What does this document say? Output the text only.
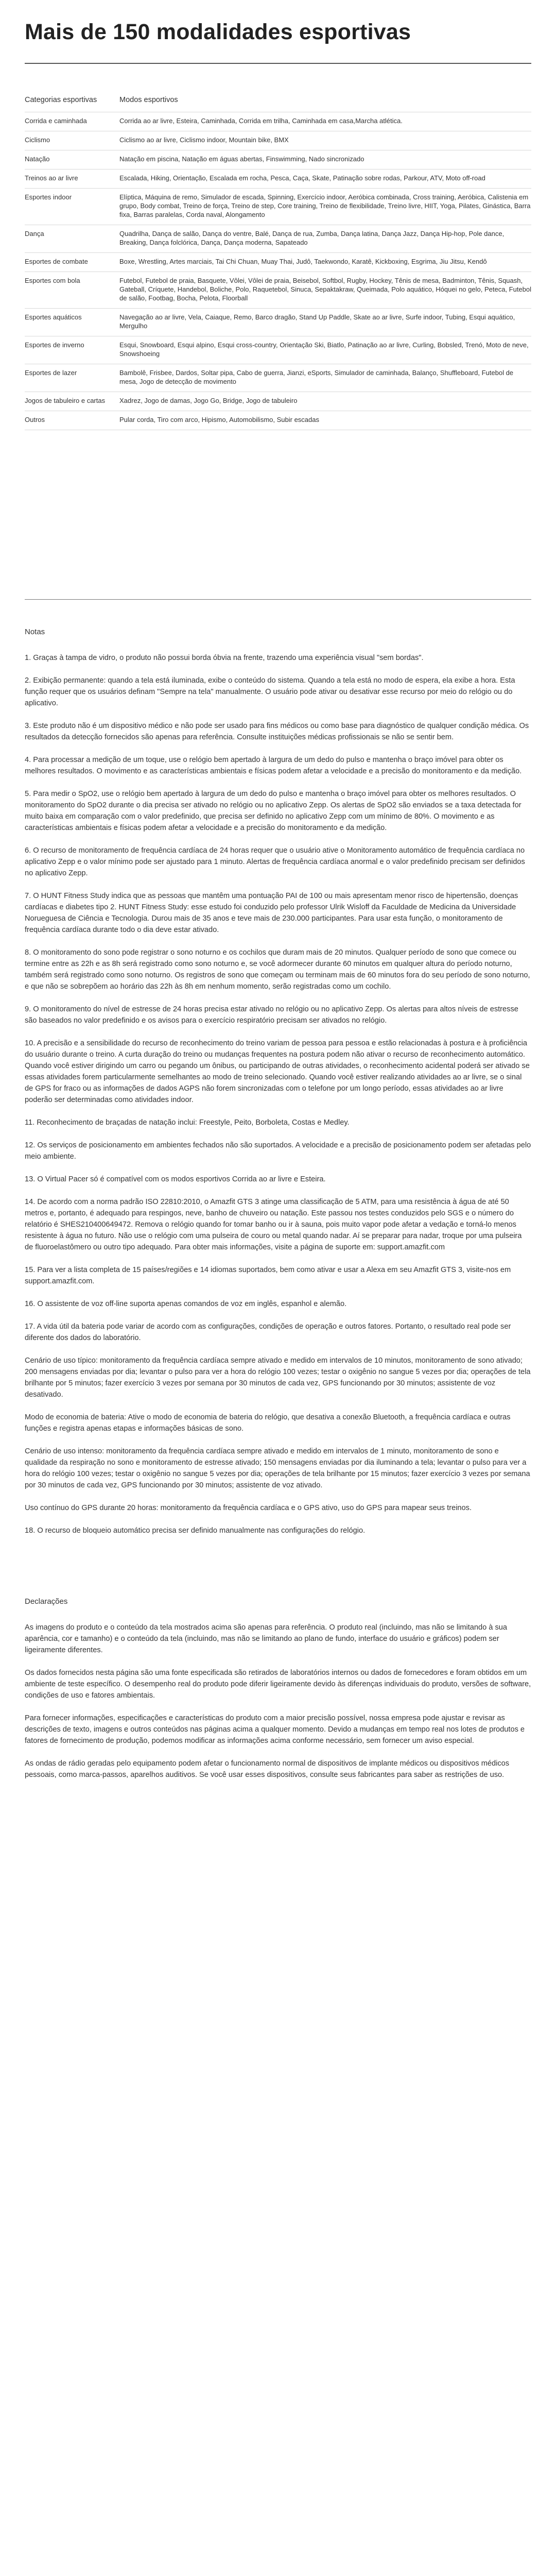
Mais de 150 modalidades esportivas
Categorias esportivas	Modos esportivos
Corrida e caminhada	Corrida ao ar livre, Esteira, Caminhada, Corrida em trilha, Caminhada em casa,Marcha atlética.
Ciclismo	Ciclismo ao ar livre, Ciclismo indoor, Mountain bike, BMX
Natação	Natação em piscina, Natação em águas abertas, Finswimming, Nado sincronizado
Treinos ao ar livre	Escalada, Hiking, Orientação, Escalada em rocha, Pesca, Caça, Skate, Patinação sobre rodas, Parkour, ATV, Moto off-road
Esportes indoor	Elíptica, Máquina de remo, Simulador de escada, Spinning, Exercício indoor, Aeróbica combinada, Cross training, Aeróbica, Calistenia em grupo, Body combat, Treino de força, Treino de step, Core training, Treino de flexibilidade, Treino livre, HIIT, Yoga, Pilates, Ginástica, Barra fixa, Barras paralelas, Corda naval, Alongamento
Dança	Quadrilha, Dança de salão, Dança do ventre, Balé, Dança de rua, Zumba, Dança latina, Dança Jazz, Dança Hip-hop, Pole dance, Breaking, Dança folclórica, Dança, Dança moderna, Sapateado
Esportes de combate	Boxe, Wrestling, Artes marciais, Tai Chi Chuan, Muay Thai, Judô, Taekwondo, Karatê, Kickboxing, Esgrima, Jiu Jitsu, Kendô
Esportes com bola	Futebol, Futebol de praia, Basquete, Vôlei, Vôlei de praia, Beisebol, Softbol, Rugby, Hockey, Tênis de mesa, Badminton, Tênis, Squash, Gateball, Críquete, Handebol, Boliche, Polo, Raquetebol, Sinuca, Sepaktakraw, Queimada, Polo aquático, Hóquei no gelo, Peteca, Futebol de salão, Footbag, Bocha, Pelota, Floorball
Esportes aquáticos	Navegação ao ar livre, Vela, Caiaque, Remo, Barco dragão, Stand Up Paddle, Skate ao ar livre, Surfe indoor, Tubing, Esqui aquático, Mergulho
Esportes de inverno	Esqui, Snowboard, Esqui alpino, Esqui cross-country, Orientação Ski, Biatlo, Patinação ao ar livre, Curling, Bobsled, Trenó, Moto de neve, Snowshoeing
Esportes de lazer	Bambolê, Frisbee, Dardos, Soltar pipa, Cabo de guerra, Jianzi, eSports, Simulador de caminhada, Balanço, Shuffleboard, Futebol de mesa, Jogo de detecção de movimento
Jogos de tabuleiro e cartas	Xadrez, Jogo de damas, Jogo Go, Bridge, Jogo de tabuleiro
Outros	Pular corda, Tiro com arco, Hipismo, Automobilismo, Subir escadas
Notas

1. Graças à tampa de vidro, o produto não possui borda óbvia na frente, trazendo uma experiência visual "sem bordas".

2. Exibição permanente: quando a tela está iluminada, exibe o conteúdo do sistema. Quando a tela está no modo de espera, ela exibe a hora. Esta função requer que os usuários definam "Sempre na tela" manualmente. O usuário pode ativar ou desativar esse recurso por meio do relógio ou do aplicativo.

3. Este produto não é um dispositivo médico e não pode ser usado para fins médicos ou como base para diagnóstico de qualquer condição médica. Os resultados da detecção fornecidos são apenas para referência. Consulte instituições médicas profissionais se não se sentir bem.

4. Para processar a medição de um toque, use o relógio bem apertado à largura de um dedo do pulso e mantenha o braço imóvel para obter os melhores resultados. O movimento e as características ambientais e físicas podem afetar a velocidade e a precisão do monitoramento e da medição.

5. Para medir o SpO2, use o relógio bem apertado à largura de um dedo do pulso e mantenha o braço imóvel para obter os melhores resultados. O monitoramento do SpO2 durante o dia precisa ser ativado no relógio ou no aplicativo Zepp. Os alertas de SpO2 são enviados se a taxa detectada for muito baixa em comparação com o valor predefinido, que precisa ser definido no aplicativo Zepp com um mínimo de 80%. O movimento e as características ambientais e físicas podem afetar a velocidade e a precisão do monitoramento e da medição.

6. O recurso de monitoramento de frequência cardíaca de 24 horas requer que o usuário ative o Monitoramento automático de frequência cardíaca no aplicativo Zepp e o valor mínimo pode ser ajustado para 1 minuto. Alertas de frequência cardíaca anormal e o valor predefinido precisam ser definidos no aplicativo Zepp.

7. O HUNT Fitness Study indica que as pessoas que mantêm uma pontuação PAI de 100 ou mais apresentam menor risco de hipertensão, doenças cardíacas e diabetes tipo 2. HUNT Fitness Study: esse estudo foi conduzido pelo professor Ulrik Wisloff da Faculdade de Medicina da Universidade Norueguesa de Ciência e Tecnologia. Durou mais de 35 anos e teve mais de 230.000 participantes. Para usar esta função, o monitoramento de frequência cardíaca durante todo o dia deve estar ativado.

8. O monitoramento do sono pode registrar o sono noturno e os cochilos que duram mais de 20 minutos. Qualquer período de sono que comece ou termine entre as 22h e as 8h será registrado como sono noturno e, se você adormecer durante 60 minutos em qualquer altura do período noturno, também será registrado como sono noturno. Os registros de sono que começam ou terminam mais de 60 minutos fora do seu período de sono noturno, e que não se sobrepõem ao horário das 22h às 8h em nenhum momento, serão registradas como um cochilo.

9. O monitoramento do nível de estresse de 24 horas precisa estar ativado no relógio ou no aplicativo Zepp. Os alertas para altos níveis de estresse são baseados no valor predefinido e os avisos para o exercício respiratório precisam ser ativados no relógio.

10. A precisão e a sensibilidade do recurso de reconhecimento do treino variam de pessoa para pessoa e estão relacionadas à postura e à proficiência do usuário durante o treino. A curta duração do treino ou mudanças frequentes na postura podem não ativar o recurso de reconhecimento automático. Quando você estiver dirigindo um carro ou pegando um ônibus, ou participando de outras atividades, o reconhecimento acidental poderá ser ativado se essas atividades forem particularmente semelhantes ao modo de treino selecionado. Quando você estiver realizando atividades ao ar livre, se o sinal de GPS for fraco ou as informações de dados AGPS não forem sincronizadas com o telefone por um longo período, essas atividades ao ar livre poderão ser determinadas como atividades indoor.

11. Reconhecimento de braçadas de natação inclui: Freestyle, Peito, Borboleta, Costas e Medley.

12. Os serviços de posicionamento em ambientes fechados não são suportados. A velocidade e a precisão de posicionamento podem ser afetadas pelo meio ambiente.

13. O Virtual Pacer só é compatível com os modos esportivos Corrida ao ar livre e Esteira.

14. De acordo com a norma padrão ISO 22810:2010, o Amazfit GTS 3 atinge uma classificação de 5 ATM, para uma resistência à água de até 50 metros e, portanto, é adequado para respingos, neve, banho de chuveiro ou natação. Este passou nos testes conduzidos pelo SGS e o número do relatório é SHES210400649472. Remova o relógio quando for tomar banho ou ir à sauna, pois muito vapor pode afetar a vedação e torná-lo menos resistente à água no futuro. Não use o relógio com uma pulseira de couro ou metal quando nadar. Aí se preparar para nadar, troque por uma pulseira de fluoroelastômero ou outro tipo adequado. Para obter mais informações, visite a página de suporte em: support.amazfit.com

15. Para ver a lista completa de 15 países/regiões e 14 idiomas suportados, bem como ativar e usar a Alexa em seu Amazfit GTS 3, visite-nos em support.amazfit.com.

16. O assistente de voz off-line suporta apenas comandos de voz em inglês, espanhol e alemão.

17. A vida útil da bateria pode variar de acordo com as configurações, condições de operação e outros fatores. Portanto, o resultado real pode ser diferente dos dados do laboratório.

Cenário de uso típico: monitoramento da frequência cardíaca sempre ativado e medido em intervalos de 10 minutos, monitoramento de sono ativado; 200 mensagens enviadas por dia; levantar o pulso para ver a hora do relógio 100 vezes; testar o oxigênio no sangue 5 vezes por dia; operações de tela brilhante por 5 minutos; fazer exercício 3 vezes por semana por 30 minutos de cada vez, GPS funcionando por 30 minutos; assistente de voz desativado.

Modo de economia de bateria: Ative o modo de economia de bateria do relógio, que desativa a conexão Bluetooth, a frequência cardíaca e outras funções e registra apenas etapas e informações básicas de sono.

Cenário de uso intenso: monitoramento da frequência cardíaca sempre ativado e medido em intervalos de 1 minuto, monitoramento de sono e qualidade da respiração no sono e monitoramento de estresse ativado; 150 mensagens enviadas por dia iluminando a tela; levantar o pulso para ver a hora do relógio 100 vezes; testar o oxigênio no sangue 5 vezes por dia; operações de tela brilhante por 15 minutos; fazer exercício 3 vezes por semana por 30 minutos de cada vez, GPS funcionando por 30 minutos; assistente de voz ativado.

Uso contínuo do GPS durante 20 horas: monitoramento da frequência cardíaca e o GPS ativo, uso do GPS para mapear seus treinos.

18. O recurso de bloqueio automático precisa ser definido manualmente nas configurações do relógio.

Declarações

As imagens do produto e o conteúdo da tela mostrados acima são apenas para referência. O produto real (incluindo, mas não se limitando à sua aparência, cor e tamanho) e o conteúdo da tela (incluindo, mas não se limitando ao plano de fundo, interface do usuário e gráficos) podem ser ligeiramente diferentes.

Os dados fornecidos nesta página são uma fonte especificada são retirados de laboratórios internos ou dados de fornecedores e foram obtidos em um ambiente de teste específico. O desempenho real do produto pode diferir ligeiramente devido às diferenças individuais do produto, versões de software, condições de uso e fatores ambientais.

Para fornecer informações, especificações e características do produto com a maior precisão possível, nossa empresa pode ajustar e revisar as descrições de texto, imagens e outros conteúdos nas páginas acima a qualquer momento. Devido a mudanças em tempo real nos lotes de produtos e fatores de fornecimento de produção, podemos modificar as informações acima conforme necessário, sem fornecer um aviso especial.

As ondas de rádio geradas pelo equipamento podem afetar o funcionamento normal de dispositivos de implante médicos ou dispositivos médicos pessoais, como marca-passos, aparelhos auditivos. Se você usar esses dispositivos, consulte seus fabricantes para saber as restrições de uso.
